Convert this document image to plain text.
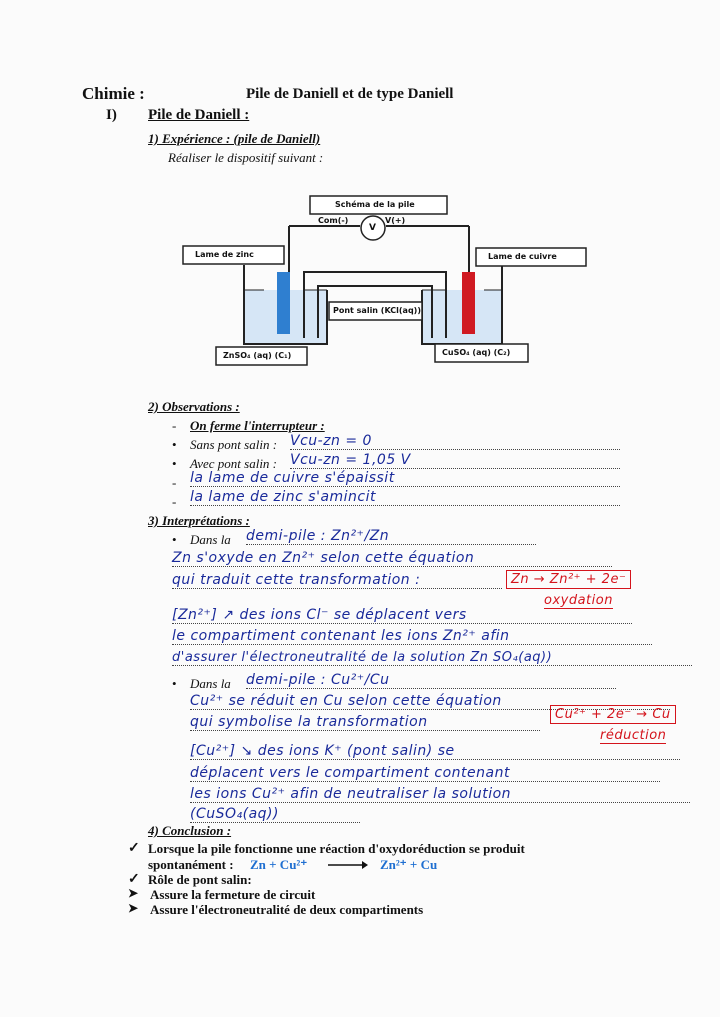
Chimie :	Pile de Daniell et de type Daniell
I) Pile de Daniell :
1) Expérience : (pile de Daniell)
Réaliser le dispositif suivant :
Schéma de la pile
Com(-)	V(+)
V
Lame de zinc	Lame de cuivre
Pont salin (KCl(aq))
ZnSO₄ (aq) (C₁)	CuSO₄ (aq) (C₂)
2) Observations :
- On ferme l'interrupteur :
• Sans pont salin : Vcu-zn = 0
• Avec pont salin : Vcu-zn = 1,05 V
- la lame de cuivre s'épaissit
- la lame de zinc s'amincit
3) Interprétations :
• Dans la demi-pile : Zn²⁺/Zn
Zn s'oxyde en Zn²⁺ selon cette équation
qui traduit cette transformation :	Zn → Zn²⁺ + 2e⁻
oxydation
[Zn²⁺] ↗ des ions Cl⁻ se déplacent vers
le compartiment contenant les ions Zn²⁺ afin
d'assurer l'électroneutralité de la solution Zn SO₄(aq))
• Dans la demi-pile : Cu²⁺/Cu
Cu²⁺ se réduit en Cu selon cette équation
qui symbolise la transformation	Cu²⁺ + 2e⁻ → Cu
réduction
[Cu²⁺] ↘ des ions K⁺ (pont salin) se
déplacent vers le compartiment contenant
les ions Cu²⁺ afin de neutraliser la solution
(CuSO₄(aq))
4) Conclusion :
✓ Lorsque la pile fonctionne une réaction d'oxydoréduction se produit
spontanément : Zn + Cu²⁺ → Zn²⁺ + Cu
✓ Rôle de pont salin:
➤ Assure la fermeture de circuit
➤ Assure l'électroneutralité de deux compartiments
